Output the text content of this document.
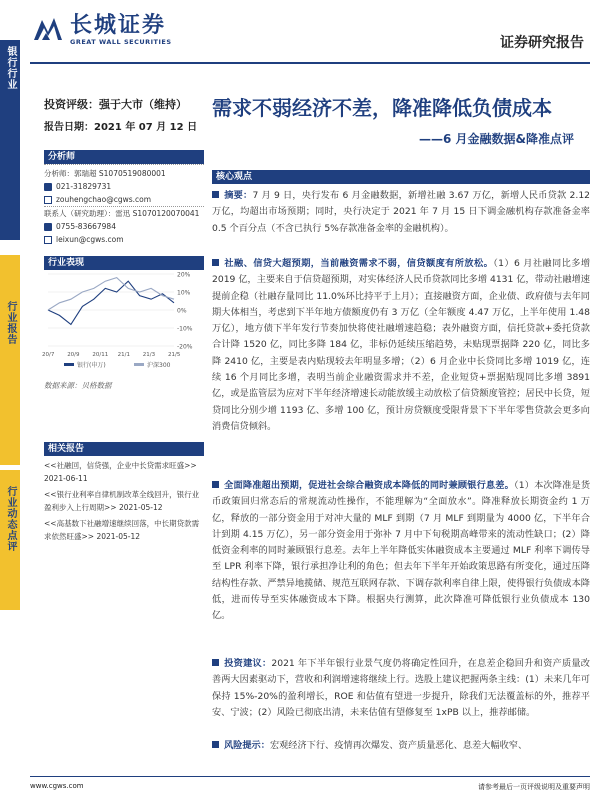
银行行业
行业报告
行业动态点评
长城证券
GREAT WALL SECURITIES	证券研究报告
投资评级：强于大市（维持）
报告日期：2021 年 07 月 12 日
需求不弱经济不差，降准降低负债成本
——6 月金融数据&降准点评
分析师
分析师：郭瑞超 S1070519080001
021-31829731
zouhengchao@cgws.com
联系人（研究助理）：雷迅 S1070120070041
0755-83667984
leixun@cgws.com
行业表现
20%
10%
0%
-10%
-20%
20/7 20/9 20/11 21/1 21/3 21/5
银行(申万)	沪深300
数据来源：贝格数据
相关报告
<<社融回，信贷强，企业中长贷需求旺盛>>
2021-06-11
<<银行业利率自律机制改革全线回升，银行业盈利步入上行周期>> 2021-05-12
<<高基数下社融增速继续回落，中长期贷款需求依然旺盛>> 2021-05-12
核心观点
摘要：7 月 9 日，央行发布 6 月金融数据，新增社融 3.67 万亿，新增人民币贷款 2.12 万亿，均超出市场预期；同时，央行决定于 2021 年 7 月 15 日下调金融机构存款准备金率 0.5 个百分点（不含已执行 5%存款准备金率的金融机构）。
社融、信贷大超预期，当前融资需求不弱，信贷额度有所放松。（1）6 月社融同比多增 2019 亿，主要来自于信贷超预期，对实体经济人民币贷款同比多增 4131 亿，带动社融增速提前企稳（社融存量同比 11.0%环比持平于上月）；直接融资方面，企业债、政府债与去年同期大体相当，考虑到下半年地方债额度仍有 3 万亿（全年额度 4.47 万亿，上半年使用 1.48 万亿），地方债下半年发行节奏加快将使社融增速趋稳；表外融资方面，信托贷款+委托贷款合计降 1520 亿，同比多降 184 亿，非标仍延续压缩趋势，未贴现票据降 220 亿，同比多降 2410 亿，主要是表内贴现较去年明显多增；（2）6 月企业中长贷同比多增 1019 亿，连续 16 个月同比多增，表明当前企业融资需求并不差，企业短贷+票据贴现同比多增 3891 亿，或是监管层为应对下半年经济增速长动能放缓主动放松了信贷额度管控；居民中长贷，短贷同比分别少增 1193 亿、多增 100 亿，预计房贷额度受限背景下下半年零售贷款会更多向消费信贷倾斜。
全面降准超出预期，促进社会综合融资成本降低的同时兼顾银行息差。（1）本次降准是货币政策回归常态后的常规流动性操作，不能理解为“全面放水”。降准释放长期资金约 1 万亿，释放的一部分资金用于对冲大量的 MLF 到期（7 月 MLF 到期量为 4000 亿，下半年合计到期 4.15 万亿），另一部分资金用于弥补 7 月中下旬税期高峰带来的流动性缺口；(2）降低资金利率的同时兼顾银行息差。去年上半年降低实体融资成本主要通过 MLF 利率下调传导至 LPR 利率下降，银行承担净让利的角色；但去年下半年开始政策思路有所变化，通过压降结构性存款、严禁异地揽储、规范互联网存款、下调存款利率自律上限，使得银行负债成本降低，进而传导至实体融资成本下降。根据央行测算，此次降准可降低银行业负债成本 130 亿。
投资建议：2021 年下半年银行业景气度仍将确定性回升，在息差企稳回升和资产质量改善两大因素驱动下，营收和利润增速将继续上行。选股上建议把握两条主线：(1）未来几年可保持 15%-20%的盈利增长，ROE 和估值有望进一步提升，除我们无法覆盖标的外，推荐平安、宁波；(2）风险已彻底出清，未来估值有望修复至 1xPB 以上，推荐邮储。
风险提示：宏观经济下行、疫情再次爆发、资产质量恶化、息差大幅收窄、
www.cgws.com	请参考最后一页评级说明及重要声明
